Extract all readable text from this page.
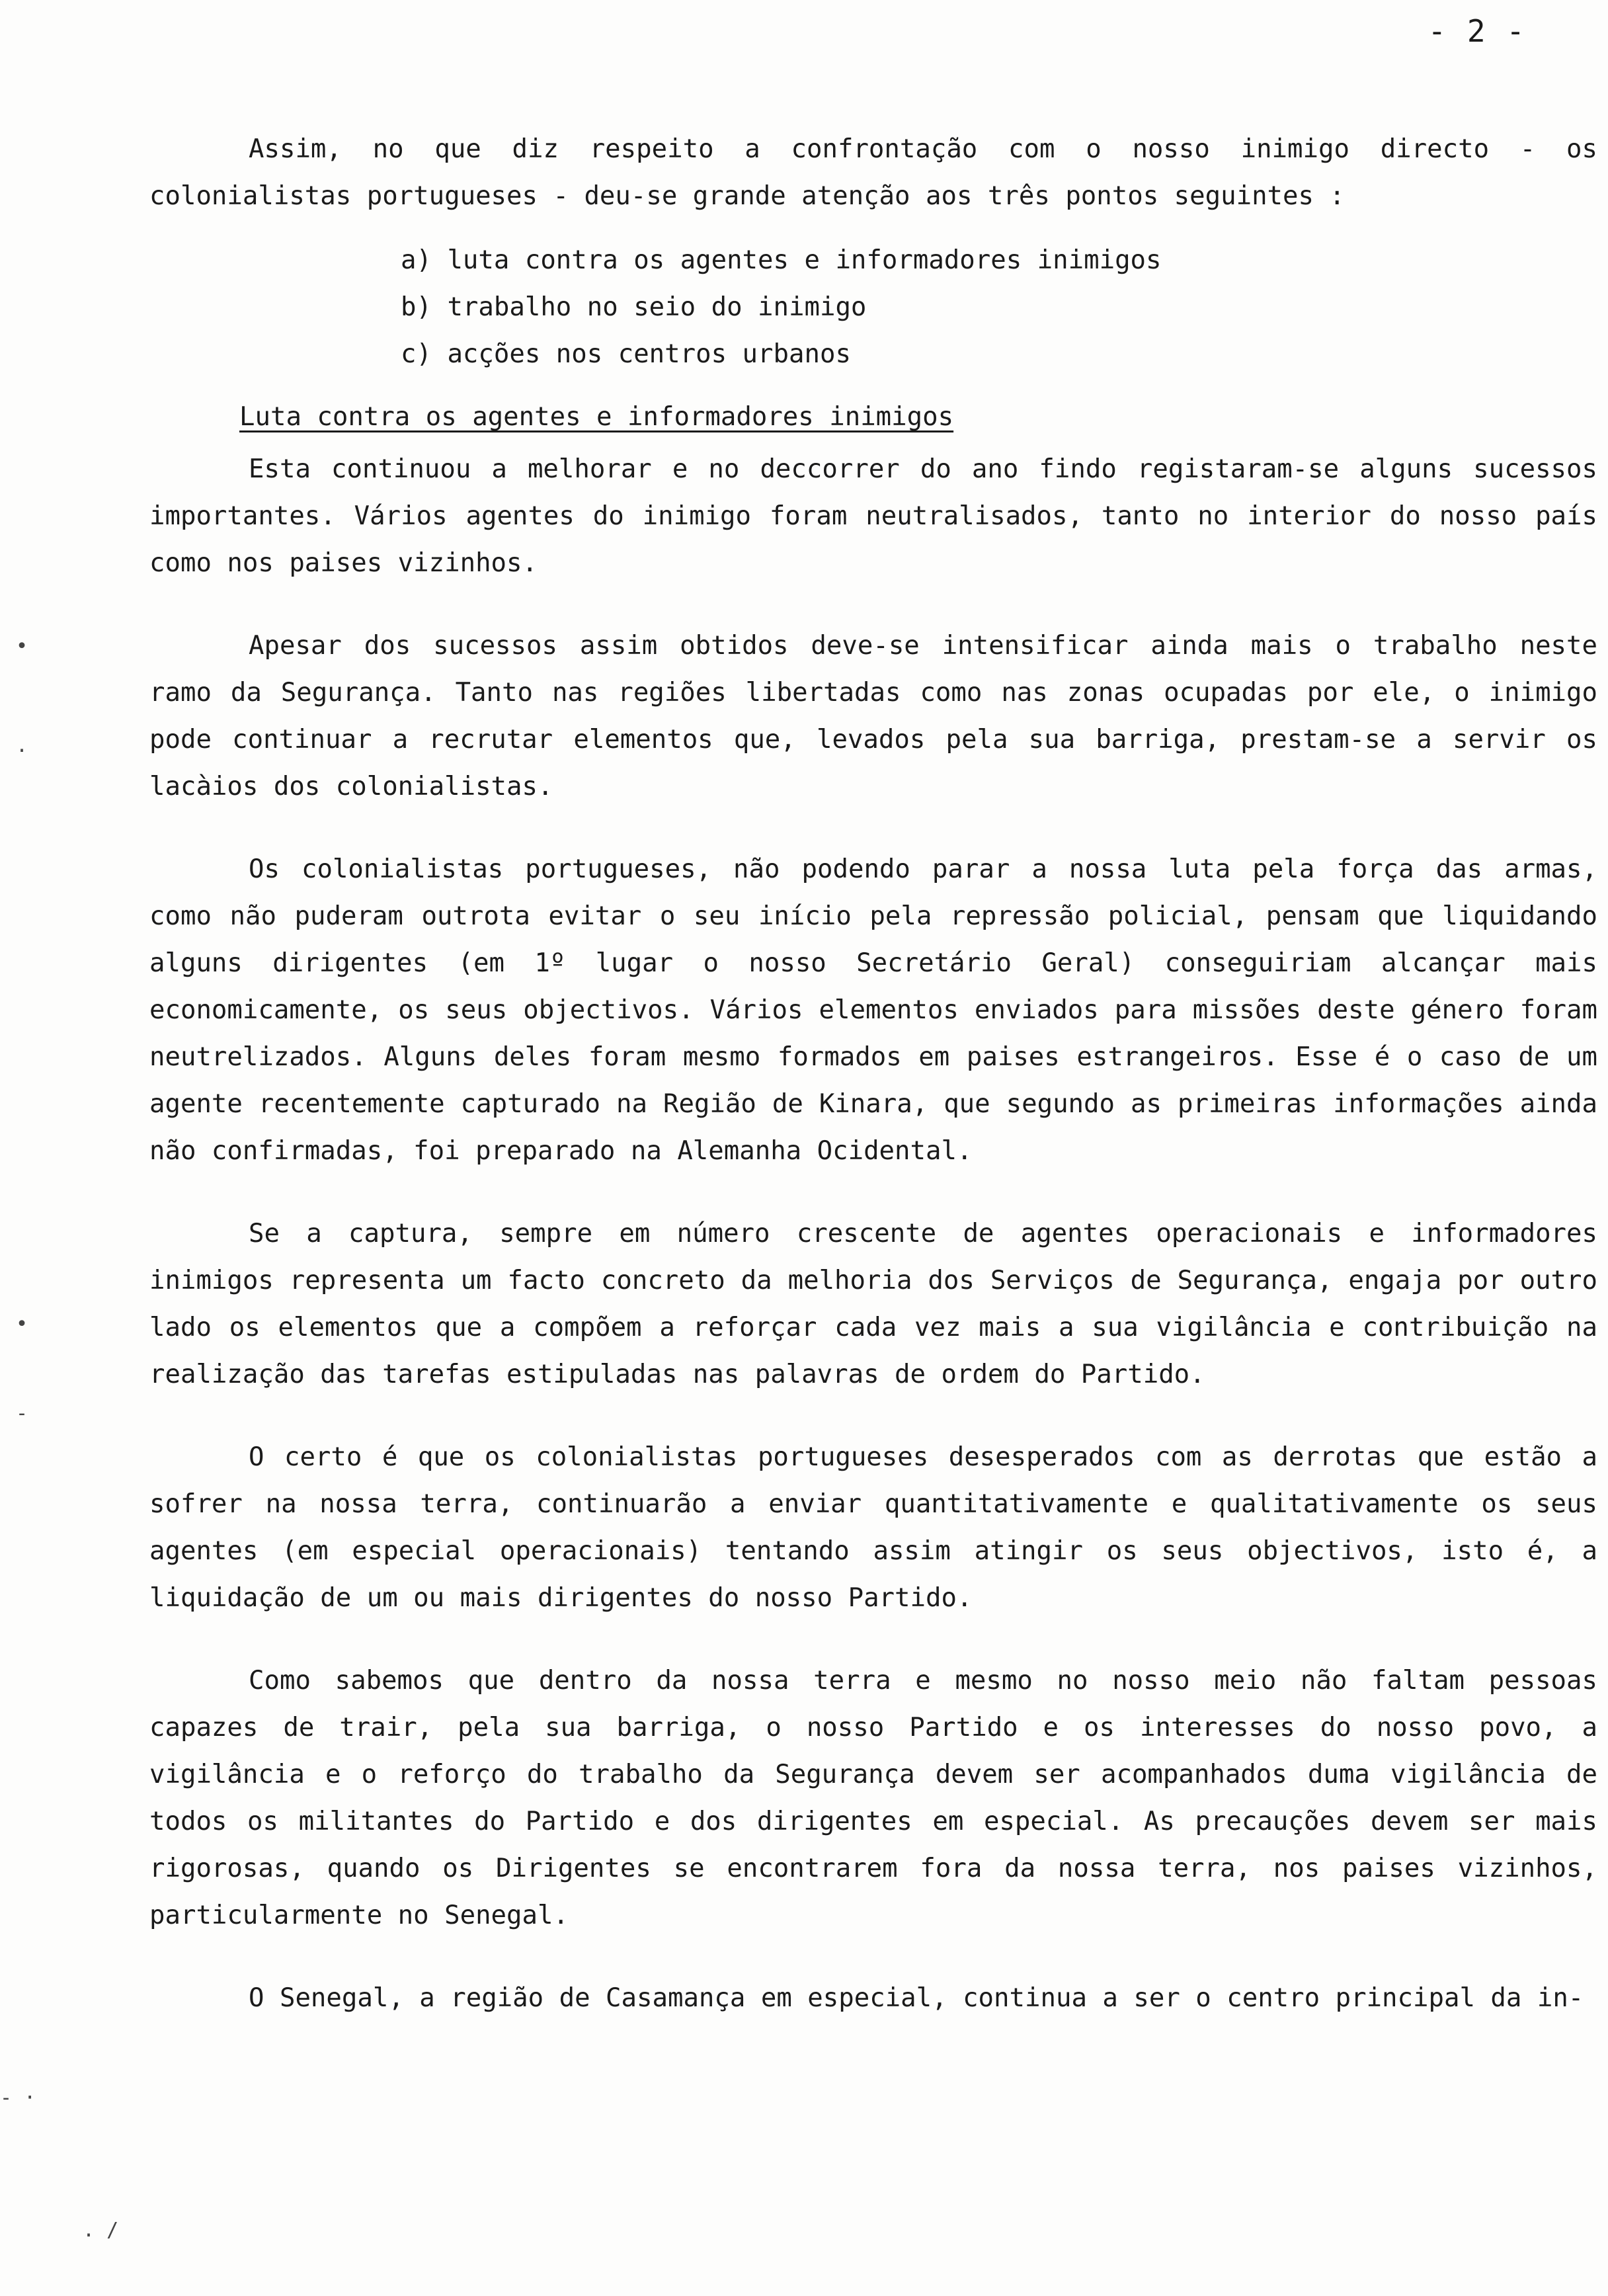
- 2 -
•
.
•
-
- ·
. /

Assim, no que diz respeito a confrontação com o nosso inimigo directo - os colonialistas portugueses - deu-se grande atenção aos três pontos seguintes :

a) luta contra os agentes e informadores inimigos
b) trabalho no seio do inimigo
c) acções nos centros urbanos
Luta contra os agentes e informadores inimigos

Esta continuou a melhorar e no deccorrer do ano findo registaram-se alguns sucessos importantes. Vários agentes do inimigo foram neutralisados, tanto no interior do nosso país como nos paises vizinhos.

Apesar dos sucessos assim obtidos deve-se intensificar ainda mais o trabalho neste ramo da Segurança. Tanto nas regiões libertadas como nas zonas ocupadas por ele, o inimigo pode continuar a recrutar elementos que, levados pela sua barriga, prestam-se a servir os lacàios dos colonialistas.

Os colonialistas portugueses, não podendo parar a nossa luta pela força das armas, como não puderam outrota evitar o seu início pela repressão policial, pensam que liquidando alguns dirigentes (em 1º lugar o nosso Secretário Geral) conseguiriam alcançar mais economicamente, os seus objectivos. Vários elementos enviados para missões deste género foram neutrelizados. Alguns deles foram mesmo formados em paises estrangeiros. Esse é o caso de um agente recentemente capturado na Região de Kinara, que segundo as primeiras informações ainda não confirmadas, foi preparado na Alemanha Ocidental.

Se a captura, sempre em número crescente de agentes operacionais e informadores inimigos representa um facto concreto da melhoria dos Serviços de Segurança, engaja por outro lado os elementos que a compõem a reforçar cada vez mais a sua vigilância e contribuição na realização das tarefas estipuladas nas palavras de ordem do Partido.

O certo é que os colonialistas portugueses desesperados com as derrotas que estão a sofrer na nossa terra, continuarão a enviar quantitativamente e qualitativamente os seus agentes (em especial operacionais) tentando assim atingir os seus objectivos, isto é, a liquidação de um ou mais dirigentes do nosso Partido.

Como sabemos que dentro da nossa terra e mesmo no nosso meio não faltam pessoas capazes de trair, pela sua barriga, o nosso Partido e os interesses do nosso povo, a vigilância e o reforço do trabalho da Segurança devem ser acompanhados duma vigilância de todos os militantes do Partido e dos dirigentes em especial. As precauções devem ser mais rigorosas, quando os Dirigentes se encontrarem fora da nossa terra, nos paises vizinhos, particularmente no Senegal.

O Senegal, a região de Casamança em especial, continua a ser o centro principal da in-
